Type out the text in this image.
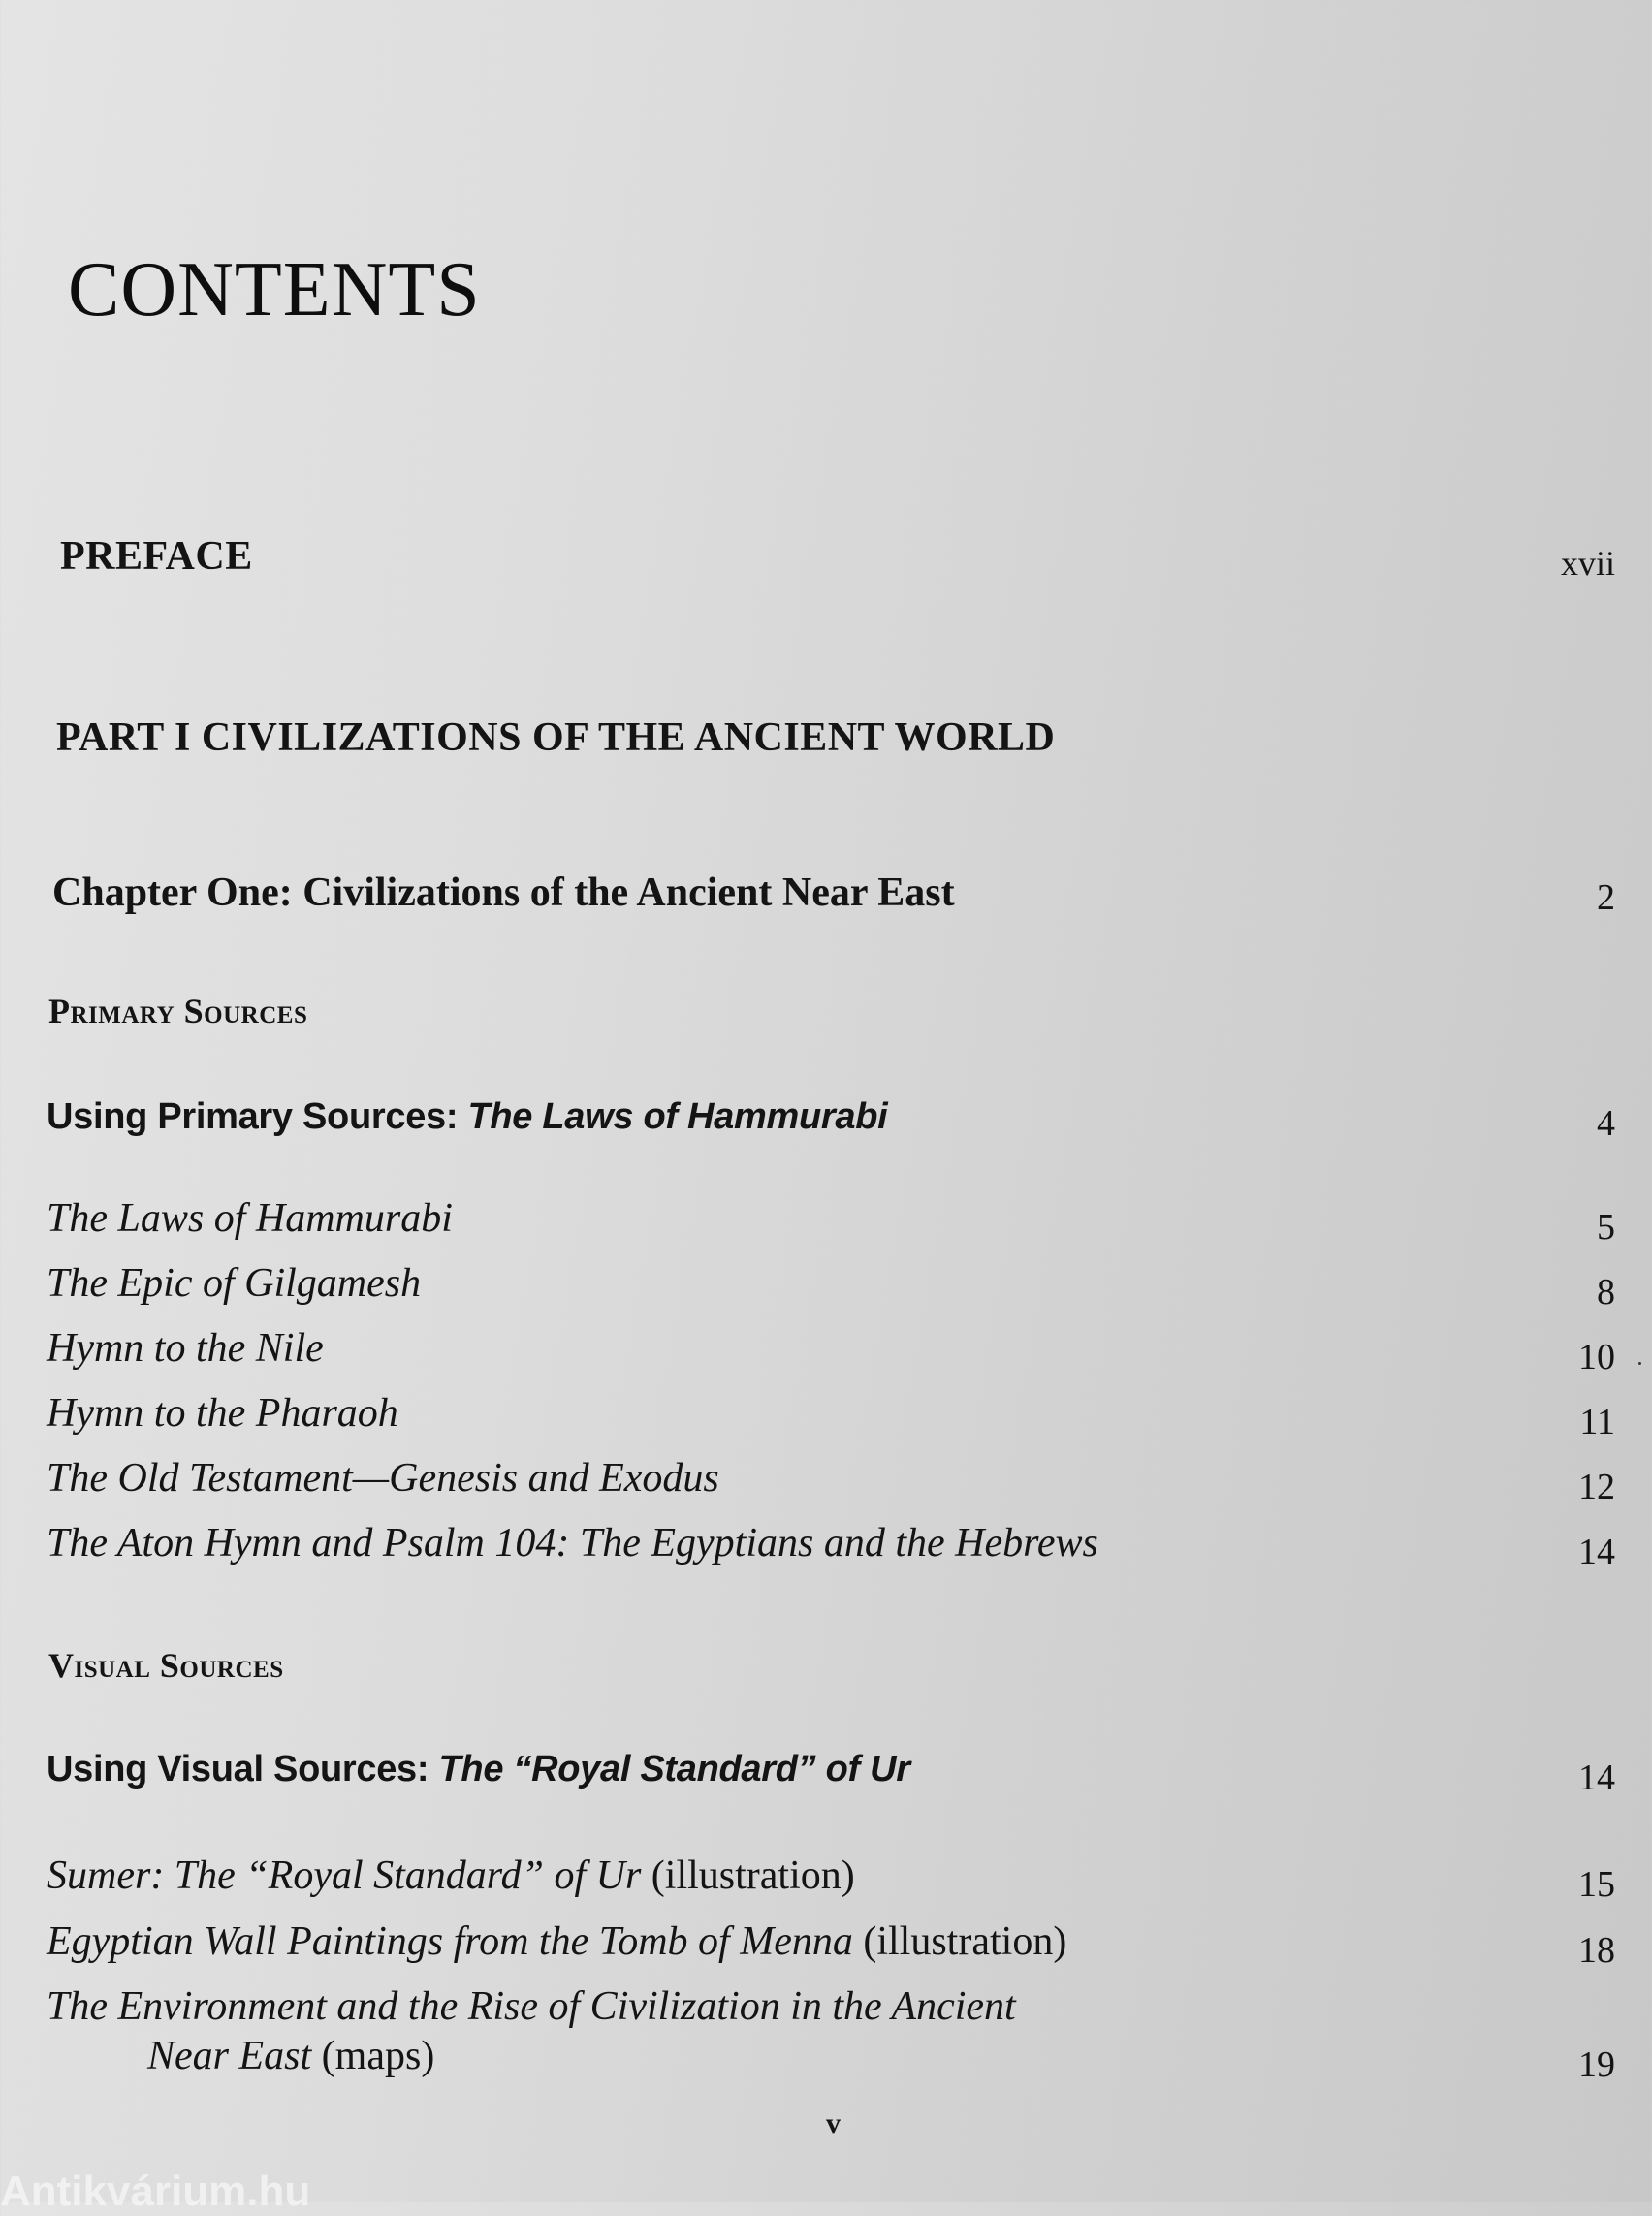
CONTENTS
PREFACE	xvii
PART I CIVILIZATIONS OF THE ANCIENT WORLD
Chapter One: Civilizations of the Ancient Near East	2
Primary Sources
Using Primary Sources: The Laws of Hammurabi	4
The Laws of Hammurabi	5
The Epic of Gilgamesh	8
Hymn to the Nile	10
Hymn to the Pharaoh	11
The Old Testament—Genesis and Exodus	12
The Aton Hymn and Psalm 104: The Egyptians and the Hebrews	14
Visual Sources
Using Visual Sources: The “Royal Standard” of Ur	14
Sumer: The “Royal Standard” of Ur (illustration)	15
Egyptian Wall Paintings from the Tomb of Menna (illustration)	18
The Environment and the Rise of Civilization in the Ancient
Near East (maps)	19
v
Antikvárium.hu
